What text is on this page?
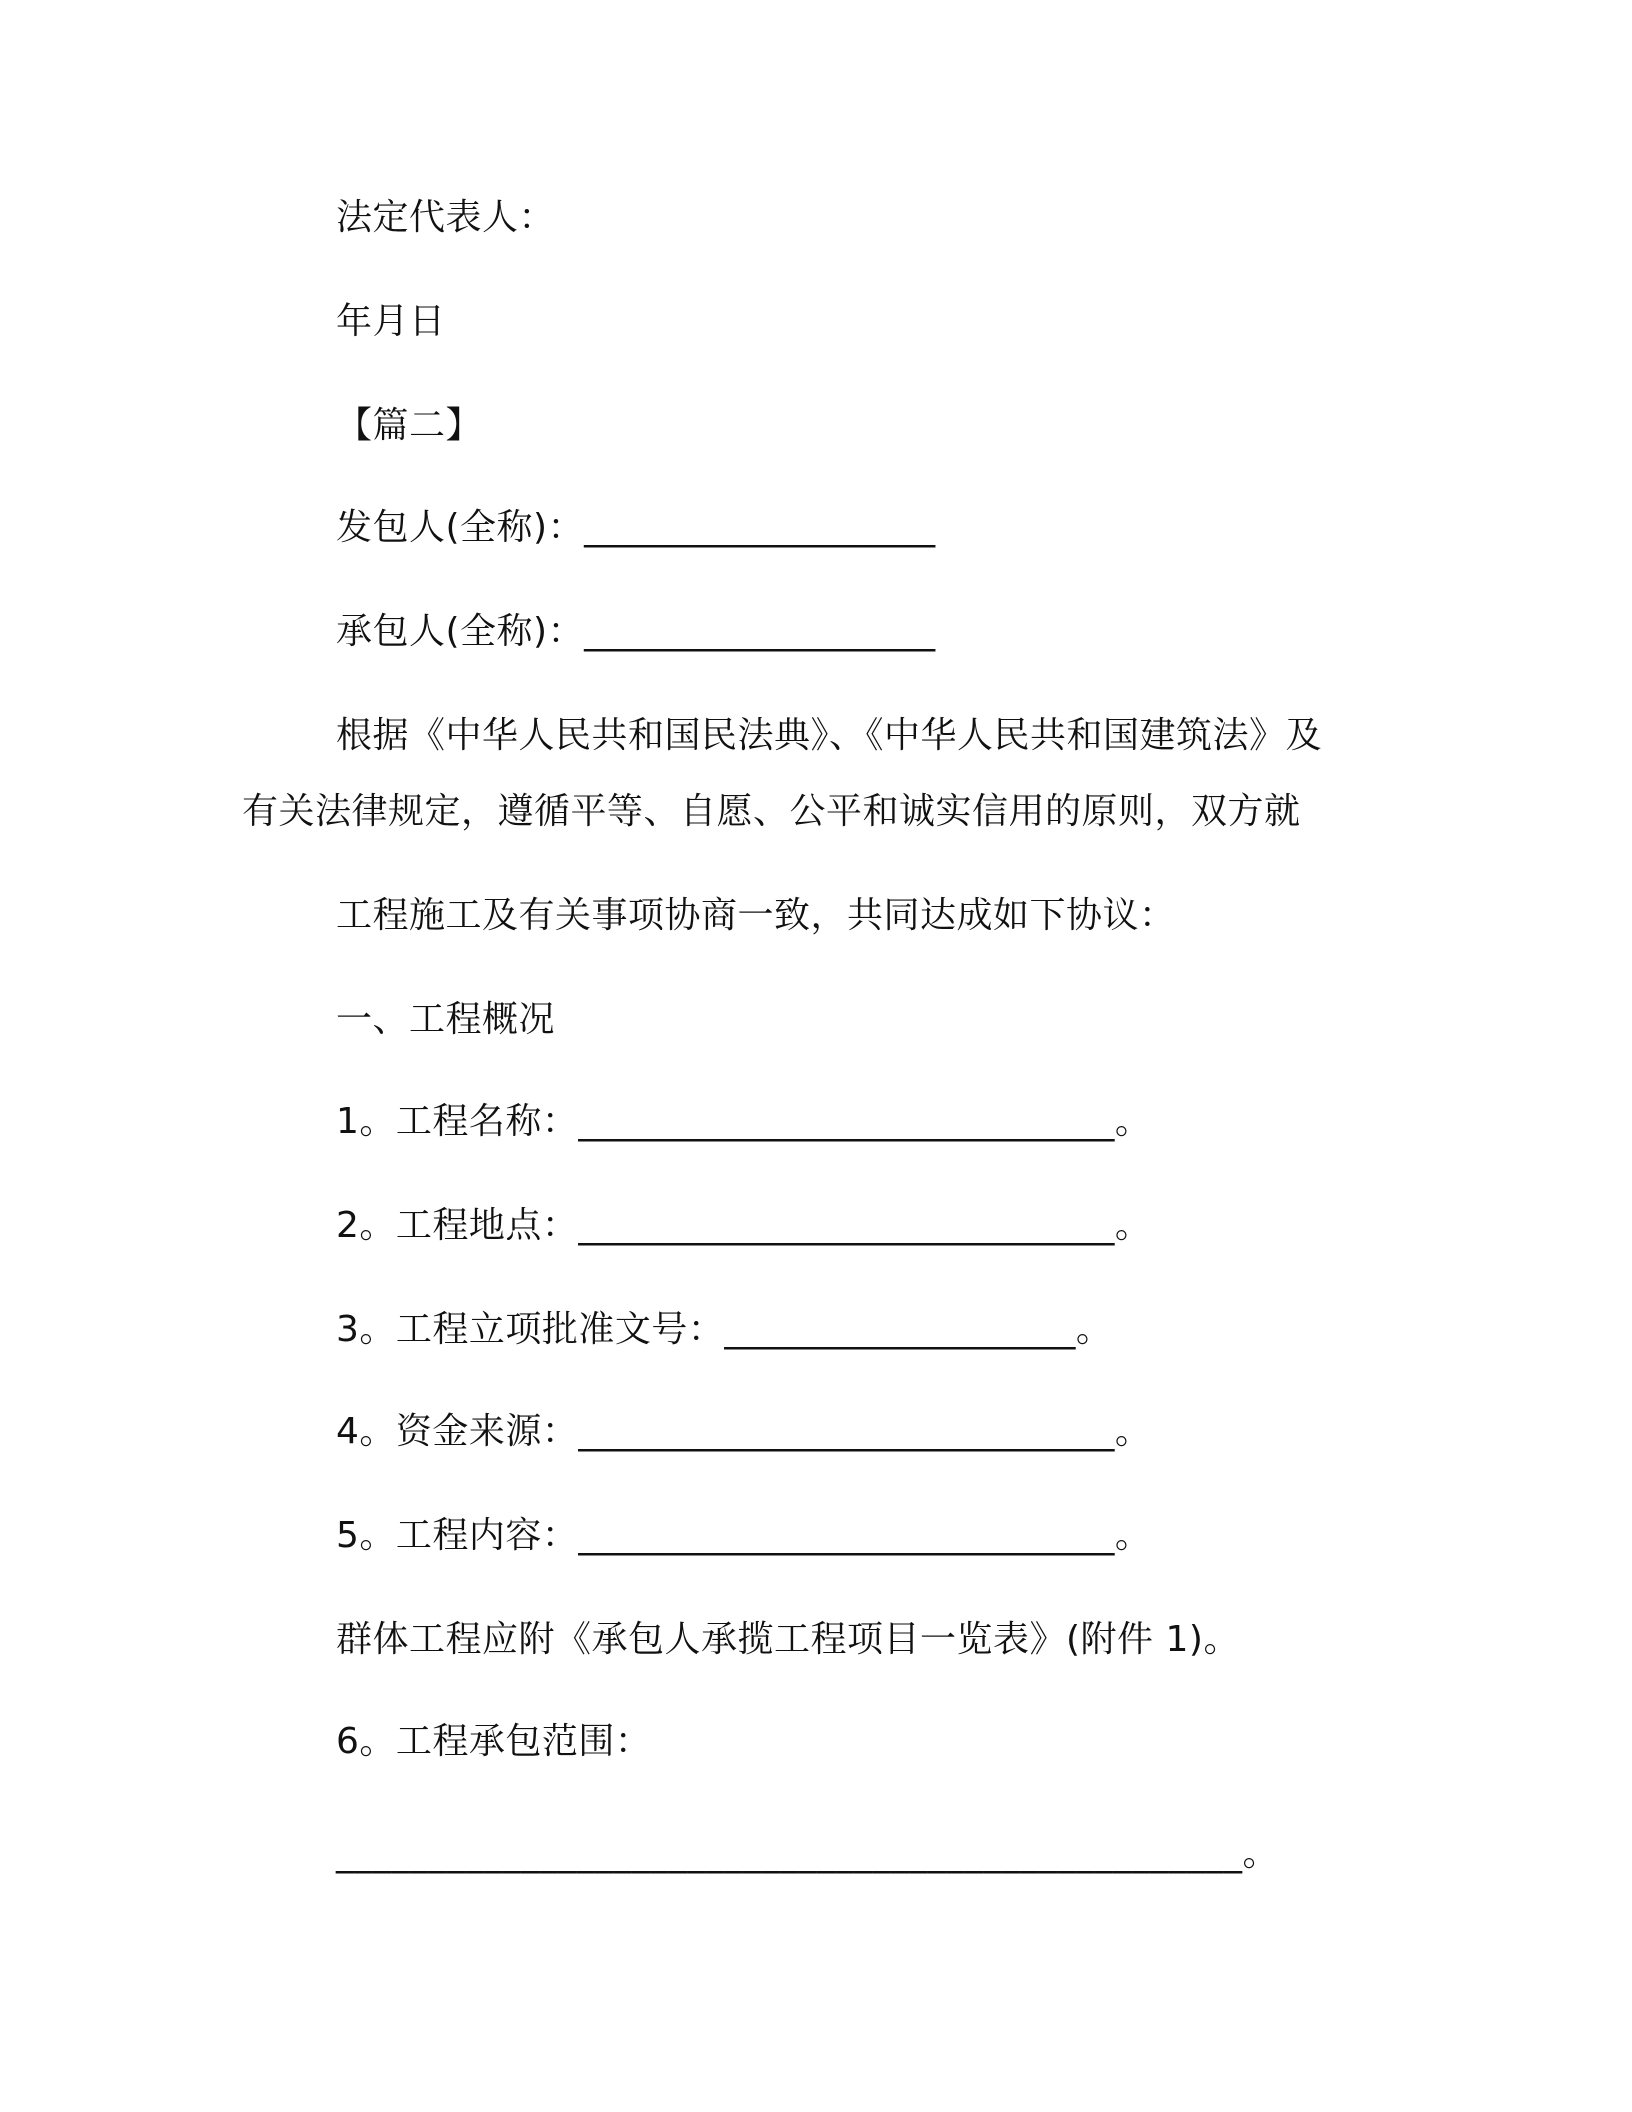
法定代表人：
年月日
【篇二】
发包人(全称)：___________________
承包人(全称)：___________________
根据《中华人民共和国民法典》、《中华人民共和国建筑法》及
有关法律规定，遵循平等、自愿、公平和诚实信用的原则，双方就
工程施工及有关事项协商一致，共同达成如下协议：
一、工程概况
1。工程名称：_____________________________。
2。工程地点：_____________________________。
3。工程立项批准文号：___________________。
4。资金来源：_____________________________。
5。工程内容：_____________________________。
群体工程应附《承包人承揽工程项目一览表》(附件 1)。
6。工程承包范围：
_________________________________________________。
